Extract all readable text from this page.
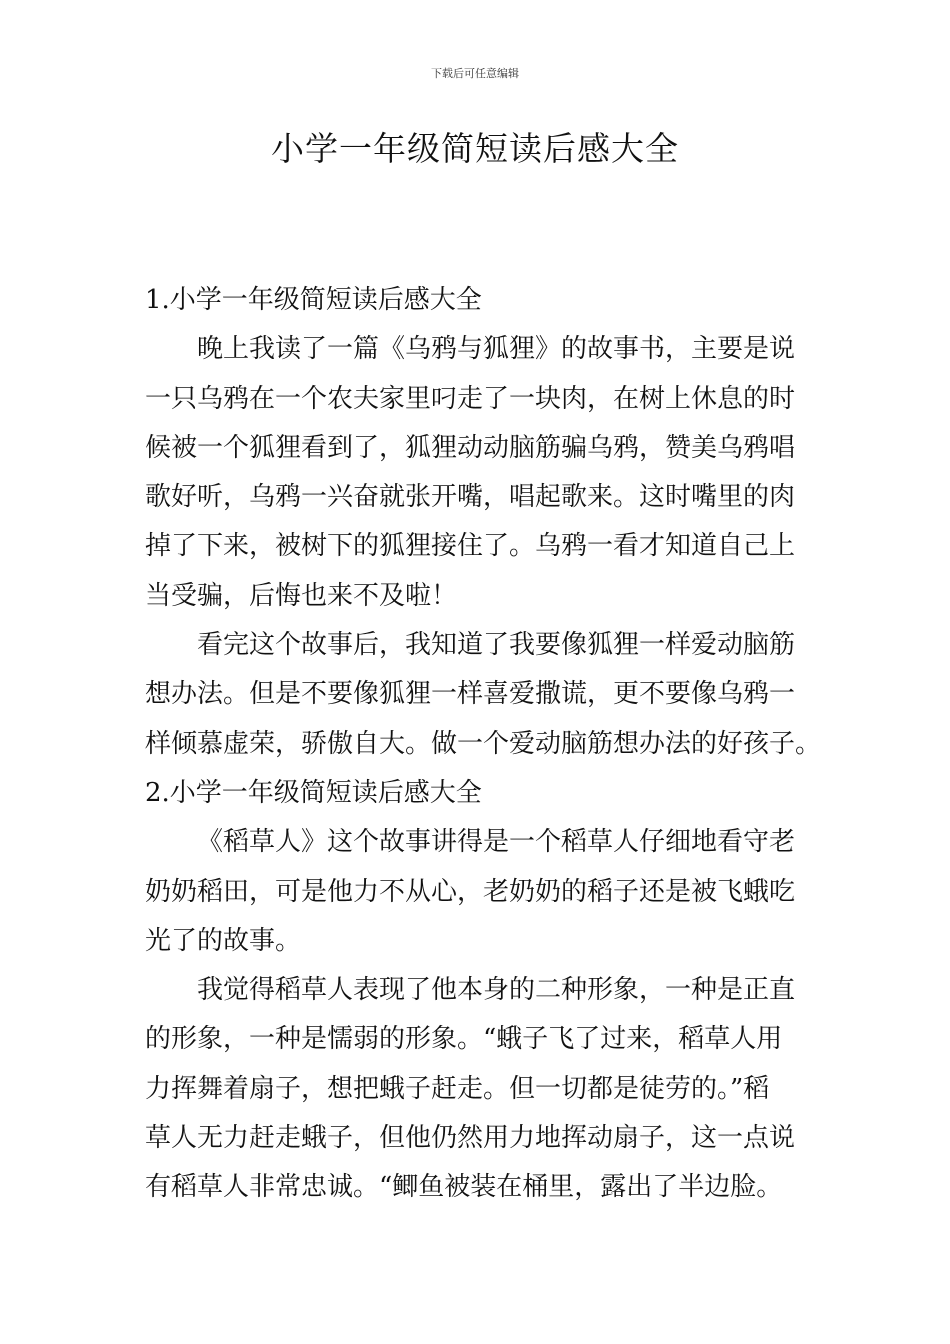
下载后可任意编辑
小学一年级简短读后感大全

1.小学一年级简短读后感大全

晚上我读了一篇《乌鸦与狐狸》的故事书，主要是说

一只乌鸦在一个农夫家里叼走了一块肉，在树上休息的时

候被一个狐狸看到了，狐狸动动脑筋骗乌鸦，赞美乌鸦唱

歌好听，乌鸦一兴奋就张开嘴，唱起歌来。这时嘴里的肉

掉了下来，被树下的狐狸接住了。乌鸦一看才知道自己上

当受骗，后悔也来不及啦！

看完这个故事后，我知道了我要像狐狸一样爱动脑筋

想办法。但是不要像狐狸一样喜爱撒谎，更不要像乌鸦一

样倾慕虚荣，骄傲自大。做一个爱动脑筋想办法的好孩子。

2.小学一年级简短读后感大全

《稻草人》这个故事讲得是一个稻草人仔细地看守老

奶奶稻田，可是他力不从心，老奶奶的稻子还是被飞蛾吃

光了的故事。

我觉得稻草人表现了他本身的二种形象，一种是正直

的形象，一种是懦弱的形象。“蛾子飞了过来，稻草人用

力挥舞着扇子，想把蛾子赶走。但一切都是徒劳的。”稻

草人无力赶走蛾子，但他仍然用力地挥动扇子，这一点说

有稻草人非常忠诚。“鲫鱼被装在桶里，露出了半边脸。
